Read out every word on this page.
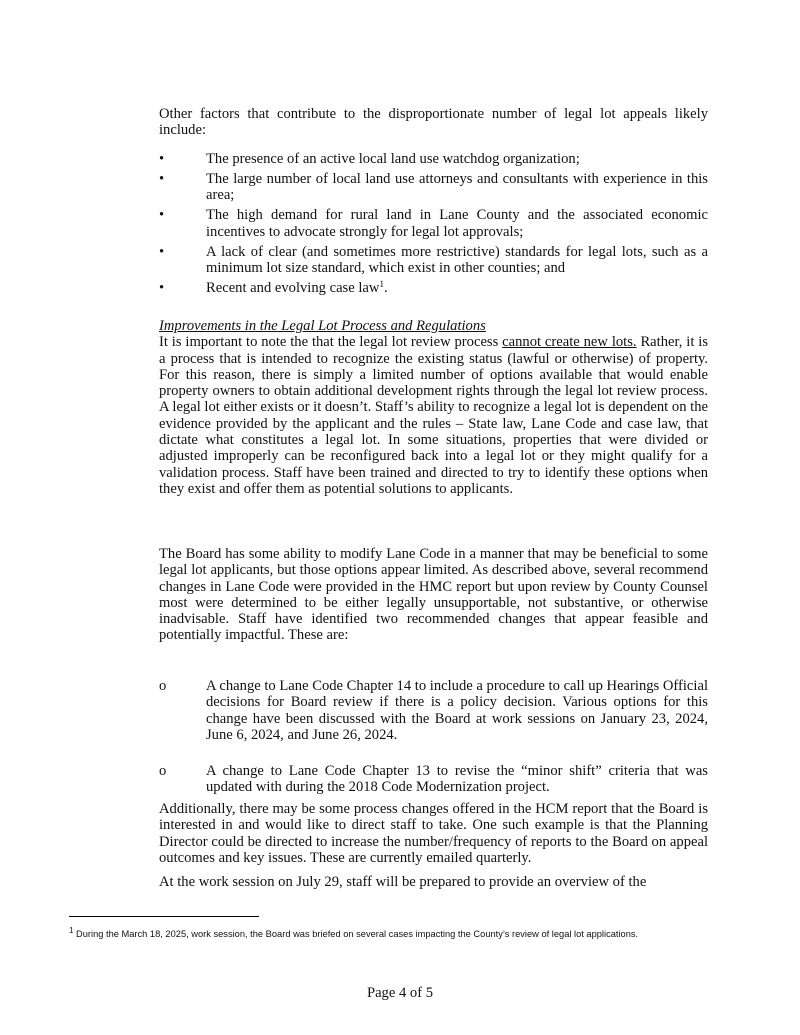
Other factors that contribute to the disproportionate number of legal lot appeals likely include:
•	The presence of an active local land use watchdog organization;
•	The large number of local land use attorneys and consultants with experience in this area;
•	The high demand for rural land in Lane County and the associated economic incentives to advocate strongly for legal lot approvals;
•	A lack of clear (and sometimes more restrictive) standards for legal lots, such as a minimum lot size standard, which exist in other counties; and
•	Recent and evolving case law$^1$.
Improvements in the Legal Lot Process and Regulations
It is important to note the that the legal lot review process cannot create new lots. Rather, it is a process that is intended to recognize the existing status (lawful or otherwise) of property. For this reason, there is simply a limited number of options available that would enable property owners to obtain additional development rights through the legal lot review process. A legal lot either exists or it doesn’t. Staff’s ability to recognize a legal lot is dependent on the evidence provided by the applicant and the rules – State law, Lane Code and case law, that dictate what constitutes a legal lot. In some situations, properties that were divided or adjusted improperly can be reconfigured back into a legal lot or they might qualify for a validation process. Staff have been trained and directed to try to identify these options when they exist and offer them as potential solutions to applicants.
The Board has some ability to modify Lane Code in a manner that may be beneficial to some legal lot applicants, but those options appear limited. As described above, several recommend changes in Lane Code were provided in the HMC report but upon review by County Counsel most were determined to be either legally unsupportable, not substantive, or otherwise inadvisable. Staff have identified two recommended changes that appear feasible and potentially impactful. These are:
o	A change to Lane Code Chapter 14 to include a procedure to call up Hearings Official decisions for Board review if there is a policy decision. Various options for this change have been discussed with the Board at work sessions on January 23, 2024, June 6, 2024, and June 26, 2024.
o	A change to Lane Code Chapter 13 to revise the “minor shift” criteria that was updated with during the 2018 Code Modernization project.
Additionally, there may be some process changes offered in the HCM report that the Board is interested in and would like to direct staff to take. One such example is that the Planning Director could be directed to increase the number/frequency of reports to the Board on appeal outcomes and key issues. These are currently emailed quarterly.
At the work session on July 29, staff will be prepared to provide an overview of the
$^1$ During the March 18, 2025, work session, the Board was briefed on several cases impacting the County’s review of legal lot applications.
Page 4 of 5
